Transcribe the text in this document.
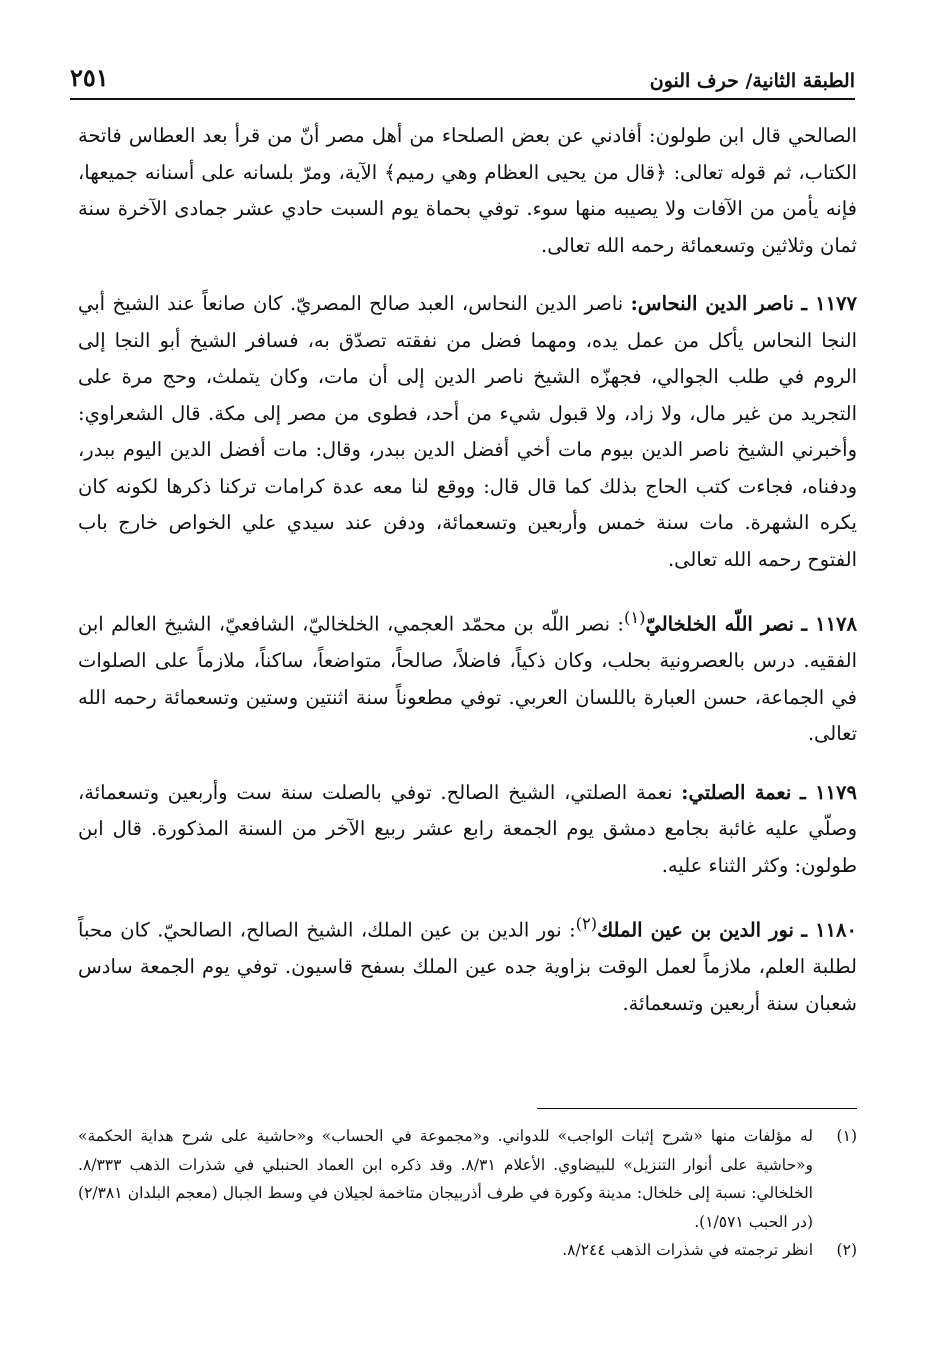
الطبقة الثانية/ حرف النون
٢٥١

الصالحي قال ابن طولون: أفادني عن بعض الصلحاء من أهل مصر أنّ من قرأ بعد العطاس فاتحة الكتاب، ثم قوله تعالى: ﴿قال من يحيى العظام وهي رميم﴾ الآية، ومرّ بلسانه على أسنانه جميعها، فإنه يأمن من الآفات ولا يصيبه منها سوء. توفي بحماة يوم السبت حادي عشر جمادى الآخرة سنة ثمان وثلاثين وتسعمائة رحمه الله تعالى.

١١٧٧ ـ ناصر الدين النحاس: ناصر الدين النحاس، العبد صالح المصريّ. كان صانعاً عند الشيخ أبي النجا النحاس يأكل من عمل يده، ومهما فضل من نفقته تصدّق به، فسافر الشيخ أبو النجا إلى الروم في طلب الجوالي، فجهزّه الشيخ ناصر الدين إلى أن مات، وكان يتملث، وحج مرة على التجريد من غير مال، ولا زاد، ولا قبول شيء من أحد، فطوى من مصر إلى مكة. قال الشعراوي: وأخبرني الشيخ ناصر الدين بيوم مات أخي أفضل الدين ببدر، وقال: مات أفضل الدين اليوم ببدر، ودفناه، فجاءت كتب الحاج بذلك كما قال قال: ووقع لنا معه عدة كرامات تركنا ذكرها لكونه كان يكره الشهرة. مات سنة خمس وأربعين وتسعمائة، ودفن عند سيدي علي الخواص خارج باب الفتوح رحمه الله تعالى.

١١٧٨ ـ نصر اللّه الخلخاليّ$^{(١)}$: نصر اللّه بن محمّد العجمي، الخلخاليّ، الشافعيّ، الشيخ العالم ابن الفقيه. درس بالعصرونية بحلب، وكان ذكياً، فاضلاً، صالحاً، متواضعاً، ساكناً، ملازماً على الصلوات في الجماعة، حسن العبارة باللسان العربي. توفي مطعوناً سنة اثنتين وستين وتسعمائة رحمه الله تعالى.

١١٧٩ ـ نعمة الصلتي: نعمة الصلتي، الشيخ الصالح. توفي بالصلت سنة ست وأربعين وتسعمائة، وصلّي عليه غائبة بجامع دمشق يوم الجمعة رابع عشر ربيع الآخر من السنة المذكورة. قال ابن طولون: وكثر الثناء عليه.

١١٨٠ ـ نور الدين بن عين الملك$^{(٢)}$: نور الدين بن عين الملك، الشيخ الصالح، الصالحيّ. كان محباً لطلبة العلم، ملازماً لعمل الوقت بزاوية جده عين الملك بسفح قاسيون. توفي يوم الجمعة سادس شعبان سنة أربعين وتسعمائة.

(١)
له مؤلفات منها «شرح إثبات الواجب» للدواني. و«مجموعة في الحساب» و«حاشية على شرح هداية الحكمة» و«حاشية على أنوار التنزيل» للبيضاوي. الأعلام ٨/٣١. وقد ذكره ابن العماد الحنبلي في شذرات الذهب ٨/٣٣٣. الخلخالي: نسبة إلى خلخال: مدينة وكورة في طرف أذربيجان متاخمة لجيلان في وسط الجبال (معجم البلدان ٢/٣٨١) (در الحبب ١/٥٧١).
(٢)
انظر ترجمته في شذرات الذهب ٨/٢٤٤.
